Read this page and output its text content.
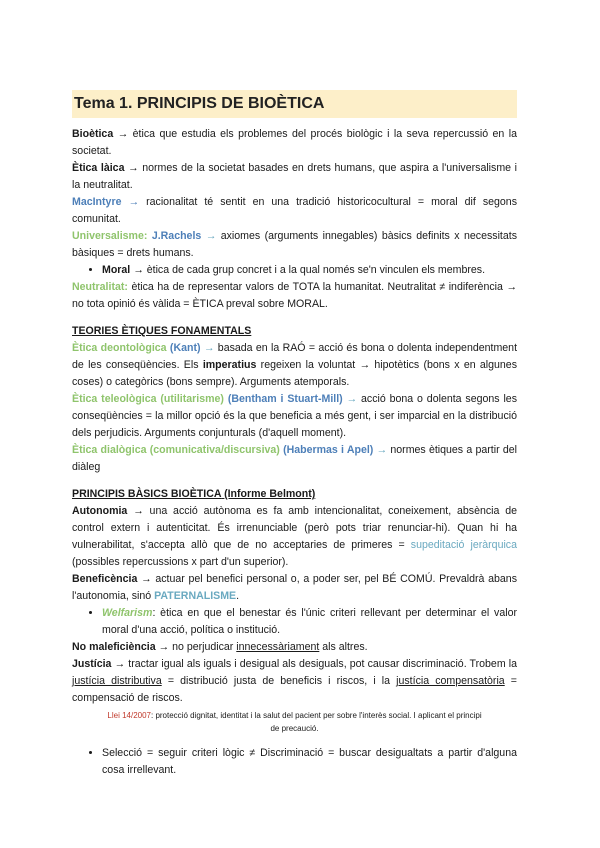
Tema 1. PRINCIPIS DE BIOÈTICA

Bioètica → ètica que estudia els problemes del procés biològic i la seva repercussió en la societat.

Ètica làica → normes de la societat basades en drets humans, que aspira a l'universalisme i la neutralitat.

MacIntyre → racionalitat té sentit en una tradició historicocultural = moral dif segons comunitat.

Universalisme: J.Rachels → axiomes (arguments innegables) bàsics definits x necessitats bàsiques = drets humans.

• Moral → ètica de cada grup concret i a la qual només se'n vinculen els membres.

Neutralitat: ètica ha de representar valors de TOTA la humanitat. Neutralitat ≠ indiferència → no tota opinió és vàlida = ÈTICA preval sobre MORAL.

TEORIES ÈTIQUES FONAMENTALS

Ètica deontològica (Kant) → basada en la RAÓ = acció és bona o dolenta independentment de les conseqüències. Els imperatius regeixen la voluntat → hipotètics (bons x en algunes coses) o categòrics (bons sempre). Arguments atemporals.

Ètica teleològica (utilitarisme) (Bentham i Stuart-Mill) → acció bona o dolenta segons les conseqüències = la millor opció és la que beneficia a més gent, i ser imparcial en la distribució dels perjudicis. Arguments conjunturals (d'aquell moment).

Ètica dialògica (comunicativa/discursiva) (Habermas i Apel) → normes ètiques a partir del diàleg

PRINCIPIS BÀSICS BIOÈTICA (Informe Belmont)

Autonomia → una acció autònoma es fa amb intencionalitat, coneixement, absència de control extern i autenticitat. És irrenunciable (però pots triar renunciar-hi). Quan hi ha vulnerabilitat, s'accepta allò que de no acceptaries de primeres = supeditació jeràrquica (possibles repercussions x part d'un superior).

Beneficència → actuar pel benefici personal o, a poder ser, pel BÉ COMÚ. Prevaldrà abans l'autonomia, sinó PATERNALISME.

• Welfarism: ètica en que el benestar és l'únic criteri rellevant per determinar el valor moral d'una acció, política o institució.

No maleficiència → no perjudicar innecessàriament als altres.

Justícia → tractar igual als iguals i desigual als desiguals, pot causar discriminació. Trobem la justícia distributiva = distribució justa de beneficis i riscos, i la justícia compensatòria = compensació de riscos.

Llei 14/2007: protecció dignitat, identitat i la salut del pacient per sobre l'interès social. I aplicant el principi de precaució.
• Selecció = seguir criteri lògic ≠ Discriminació = buscar desigualtats a partir d'alguna cosa irrellevant.
